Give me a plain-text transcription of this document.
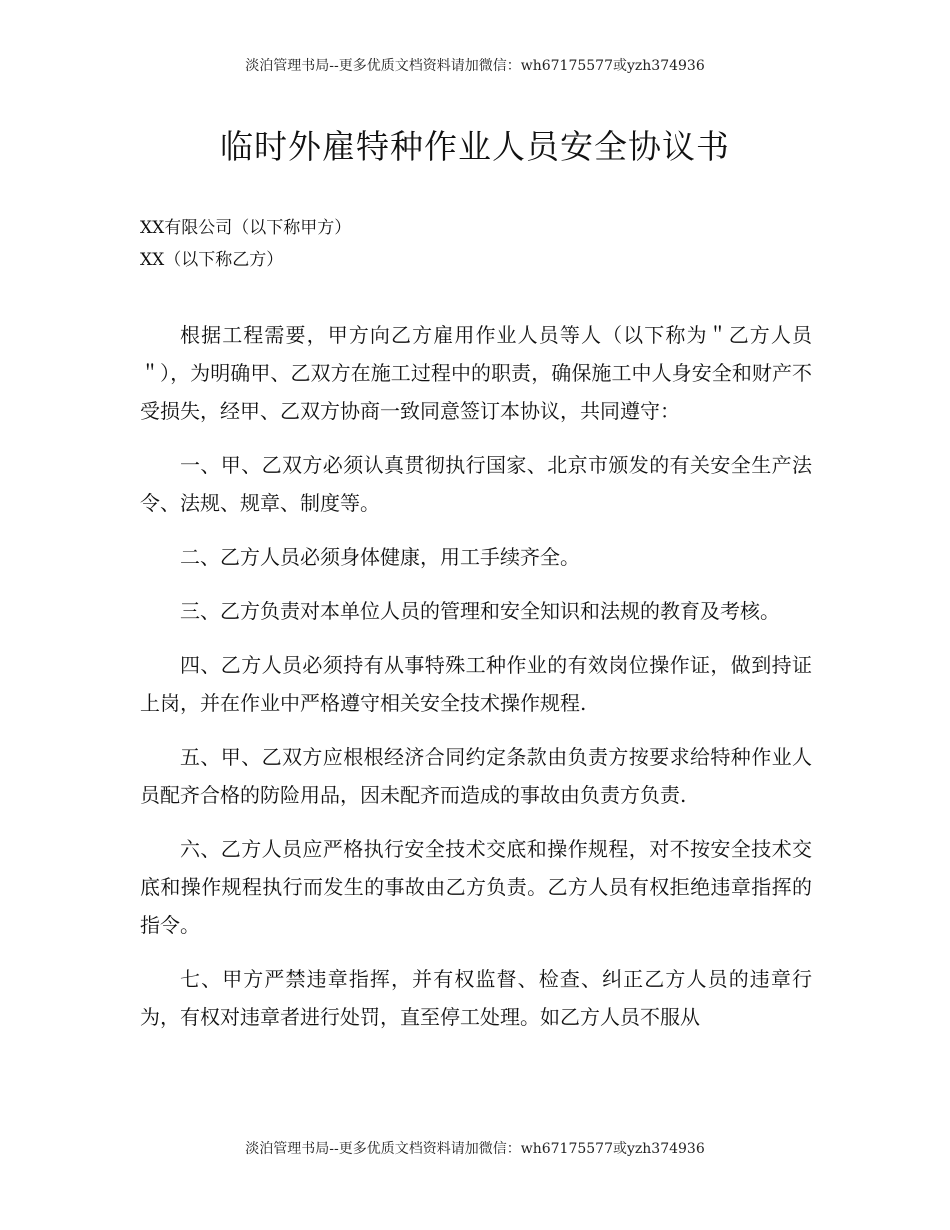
淡泊管理书局--更多优质文档资料请加微信：wh67175577或yzh374936
临时外雇特种作业人员安全协议书
XX有限公司（以下称甲方）
XX（以下称乙方）

根据工程需要，甲方向乙方雇用作业人员等人（以下称为＂乙方人员＂），为明确甲、乙双方在施工过程中的职责，确保施工中人身安全和财产不受损失，经甲、乙双方协商一致同意签订本协议，共同遵守：

一、甲、乙双方必须认真贯彻执行国家、北京市颁发的有关安全生产法令、法规、规章、制度等。

二、乙方人员必须身体健康，用工手续齐全。

三、乙方负责对本单位人员的管理和安全知识和法规的教育及考核。

四、乙方人员必须持有从事特殊工种作业的有效岗位操作证，做到持证上岗，并在作业中严格遵守相关安全技术操作规程.

五、甲、乙双方应根根经济合同约定条款由负责方按要求给特种作业人员配齐合格的防险用品，因未配齐而造成的事故由负责方负责.

六、乙方人员应严格执行安全技术交底和操作规程，对不按安全技术交底和操作规程执行而发生的事故由乙方负责。乙方人员有权拒绝违章指挥的指令。

七、甲方严禁违章指挥，并有权监督、检查、纠正乙方人员的违章行为，有权对违章者进行处罚，直至停工处理。如乙方人员不服从

淡泊管理书局--更多优质文档资料请加微信：wh67175577或yzh374936
